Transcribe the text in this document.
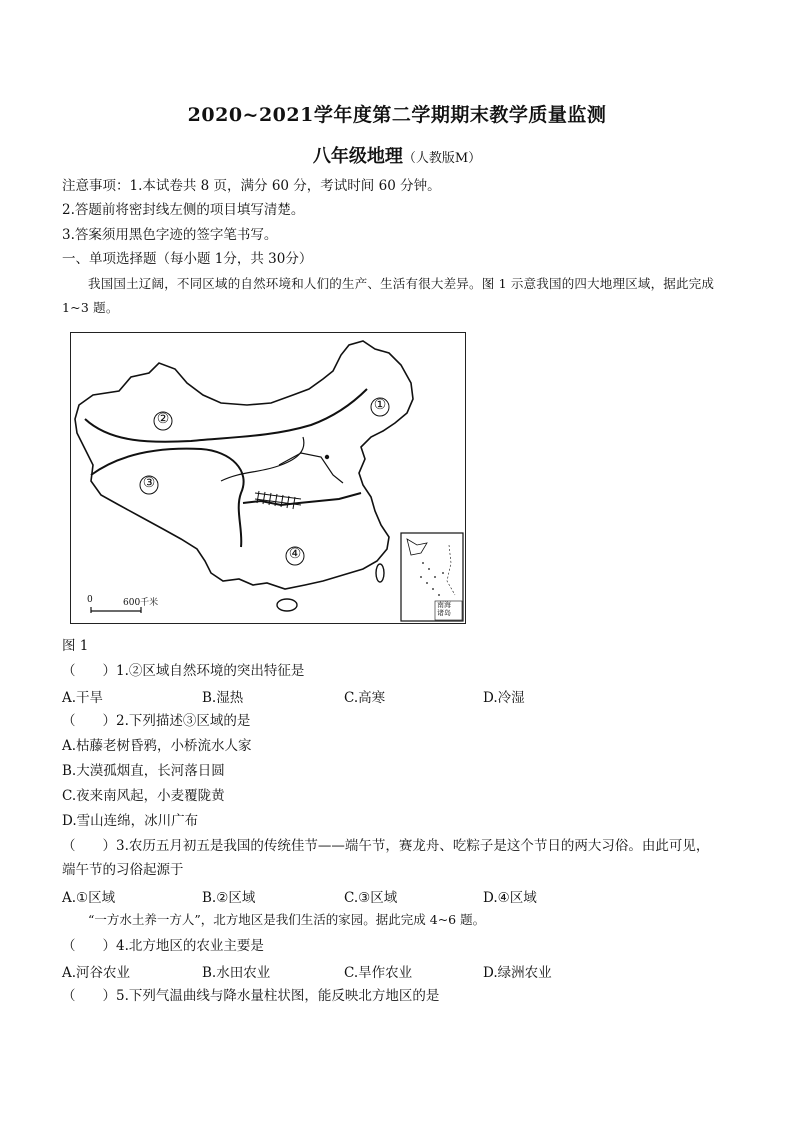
2020~2021学年度第二学期期末教学质量监测
八年级地理（人教版M）
注意事项：1.本试卷共 8 页，满分 60 分，考试时间 60 分钟。
2.答题前将密封线左侧的项目填写清楚。
3.答案须用黑色字迹的签字笔书写。
一、单项选择题（每小题 1分，共 30分）
我国国土辽阔，不同区域的自然环境和人们的生产、生活有很大差异。图 1 示意我国的四大地理区域，据此完成 1~3 题。
①
②
③
④
0	600千米	南海
诸岛
图 1
（　　）1.②区域自然环境的突出特征是
A.干旱	B.湿热	C.高寒	D.冷湿
（　　）2.下列描述③区域的是
A.枯藤老树昏鸦，小桥流水人家
B.大漠孤烟直，长河落日圆
C.夜来南风起，小麦覆陇黄
D.雪山连绵，冰川广布
（　　）3.农历五月初五是我国的传统佳节——端午节，赛龙舟、吃粽子是这个节日的两大习俗。由此可见，
端午节的习俗起源于
A.①区域	B.②区域	C.③区域	D.④区域
“一方水土养一方人”，北方地区是我们生活的家园。据此完成 4~6 题。
（　　）4.北方地区的农业主要是
A.河谷农业	B.水田农业	C.旱作农业	D.绿洲农业
（　　）5.下列气温曲线与降水量柱状图，能反映北方地区的是
